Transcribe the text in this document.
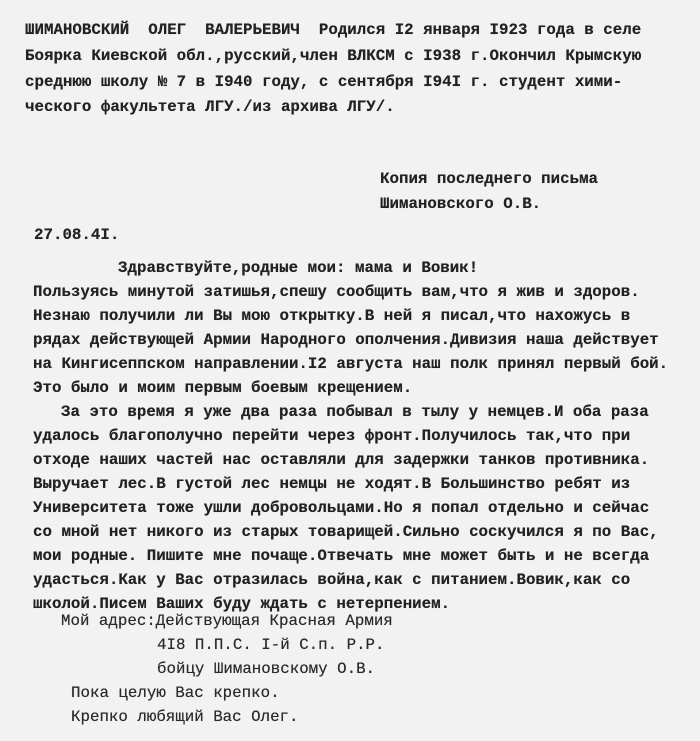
ШИМАНОВСКИЙ  ОЛЕГ  ВАЛЕРЬЕВИЧ  Родился I2 января I923 года в селе
Боярка Киевской обл.,русский,член ВЛКСМ с I938 г.Окончил Крымскую
среднюю школу № 7 в I940 году, с сентября I94I г. студент хими-
ческого факультета ЛГУ./из архива ЛГУ/.
Копия последнего письма
Шимановского О.В.
27.08.4I.
Здравствуйте,родные мои: мама и Вовик!
Пользуясь минутой затишья,спешу сообщить вам,что я жив и здоров.
Незнаю получили ли Вы мою открытку.В ней я писал,что нахожусь в
рядах действующей Армии Народного ополчения.Дивизия наша действует
на Кингисеппском направлении.I2 августа наш полк принял первый бой.
Это было и моим первым боевым крещением.
За это время я уже два раза побывал в тылу у немцев.И оба раза
удалось благополучно перейти через фронт.Получилось так,что при
отходе наших частей нас оставляли для задержки танков противника.
Выручает лес.В густой лес немцы не ходят.В Большинство ребят из
Университета тоже ушли добровольцами.Но я попал отдельно и сейчас
со мной нет никого из старых товарищей.Сильно соскучился я по Вас,
мои родные. Пишите мне почаще.Отвечать мне может быть и не всегда
удасться.Как у Вас отразилась война,как с питанием.Вовик,как со
школой.Писем Ваших буду ждать с нетерпением.
Мой адрес:Действующая Красная Армия
4I8 П.П.С. I-й С.п. Р.Р.
бойцу Шимановскому О.В.
Пока целую Вас крепко.
Крепко любящий Вас Олег.
